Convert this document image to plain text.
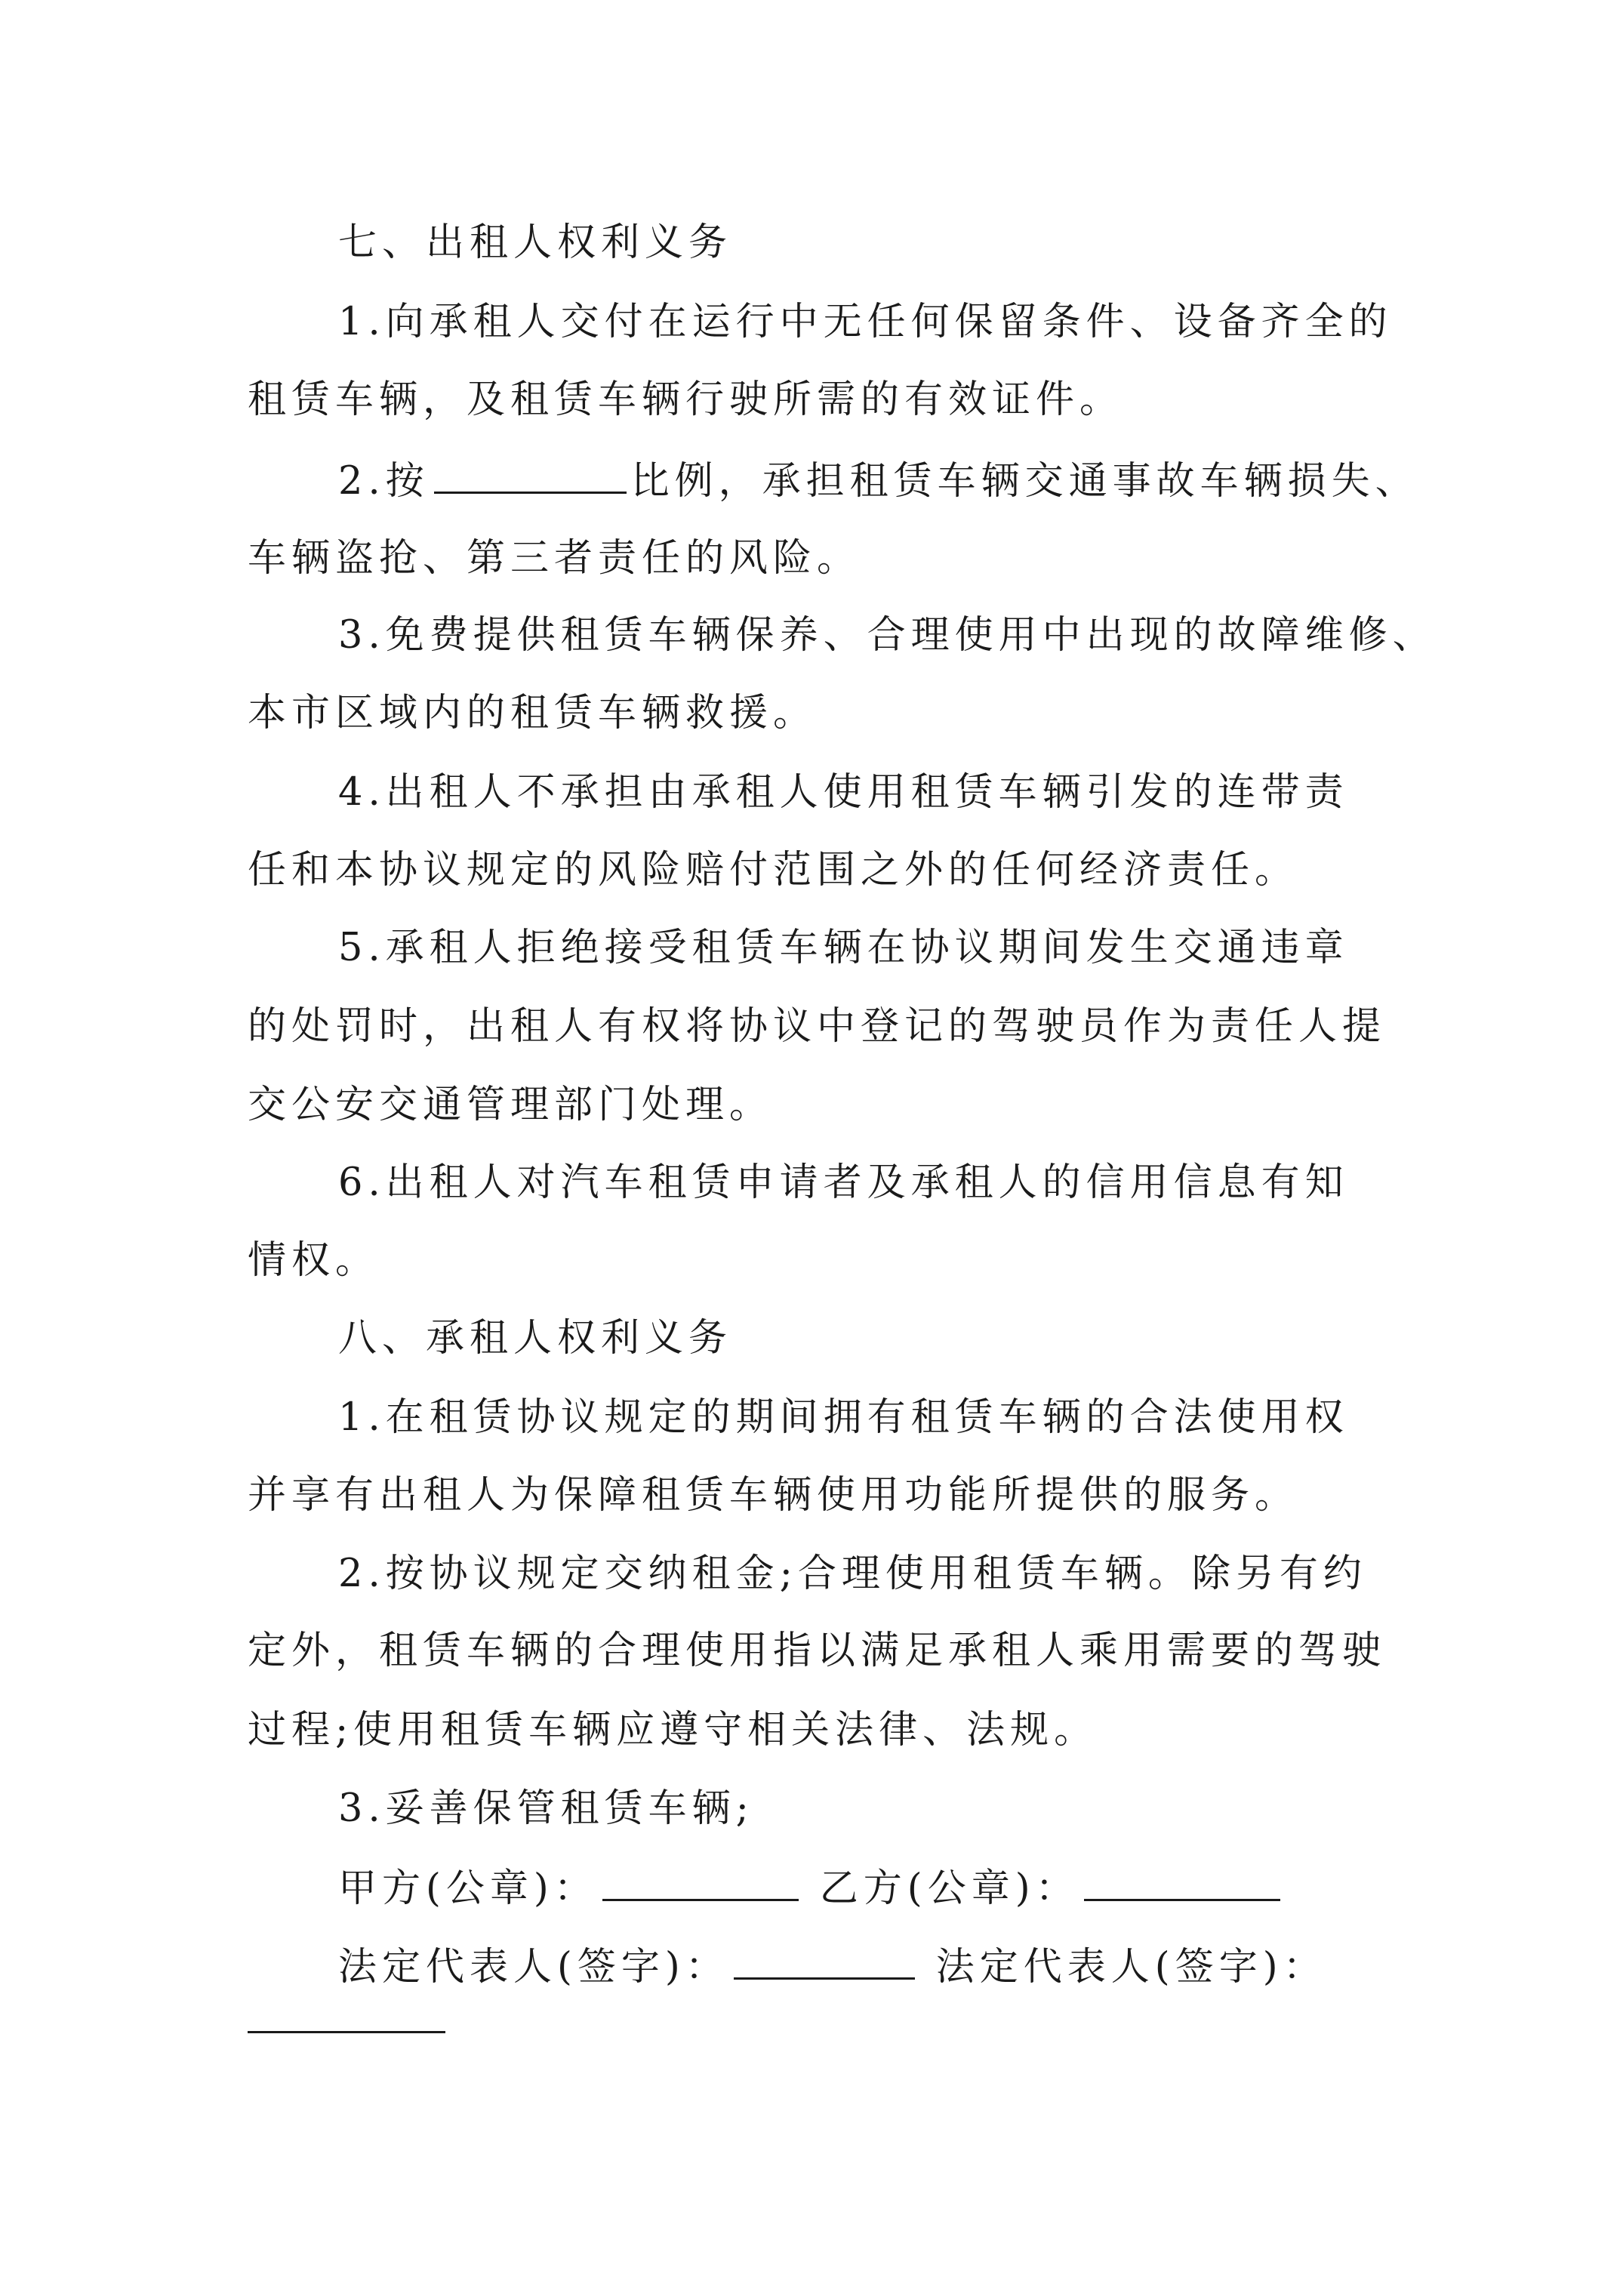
七、出租人权利义务
1.向承租人交付在运行中无任何保留条件、设备齐全的
租赁车辆，及租赁车辆行驶所需的有效证件。
2.按	比例，承担租赁车辆交通事故车辆损失、
车辆盗抢、第三者责任的风险。
3.免费提供租赁车辆保养、合理使用中出现的故障维修、
本市区域内的租赁车辆救援。
4.出租人不承担由承租人使用租赁车辆引发的连带责
任和本协议规定的风险赔付范围之外的任何经济责任。
5.承租人拒绝接受租赁车辆在协议期间发生交通违章
的处罚时，出租人有权将协议中登记的驾驶员作为责任人提
交公安交通管理部门处理。
6.出租人对汽车租赁申请者及承租人的信用信息有知
情权。
八、承租人权利义务
1.在租赁协议规定的期间拥有租赁车辆的合法使用权
并享有出租人为保障租赁车辆使用功能所提供的服务。
2.按协议规定交纳租金;合理使用租赁车辆。除另有约
定外，租赁车辆的合理使用指以满足承租人乘用需要的驾驶
过程;使用租赁车辆应遵守相关法律、法规。
3.妥善保管租赁车辆;
甲方(公章)：	乙方(公章)：
法定代表人(签字)：	法定代表人(签字)：
